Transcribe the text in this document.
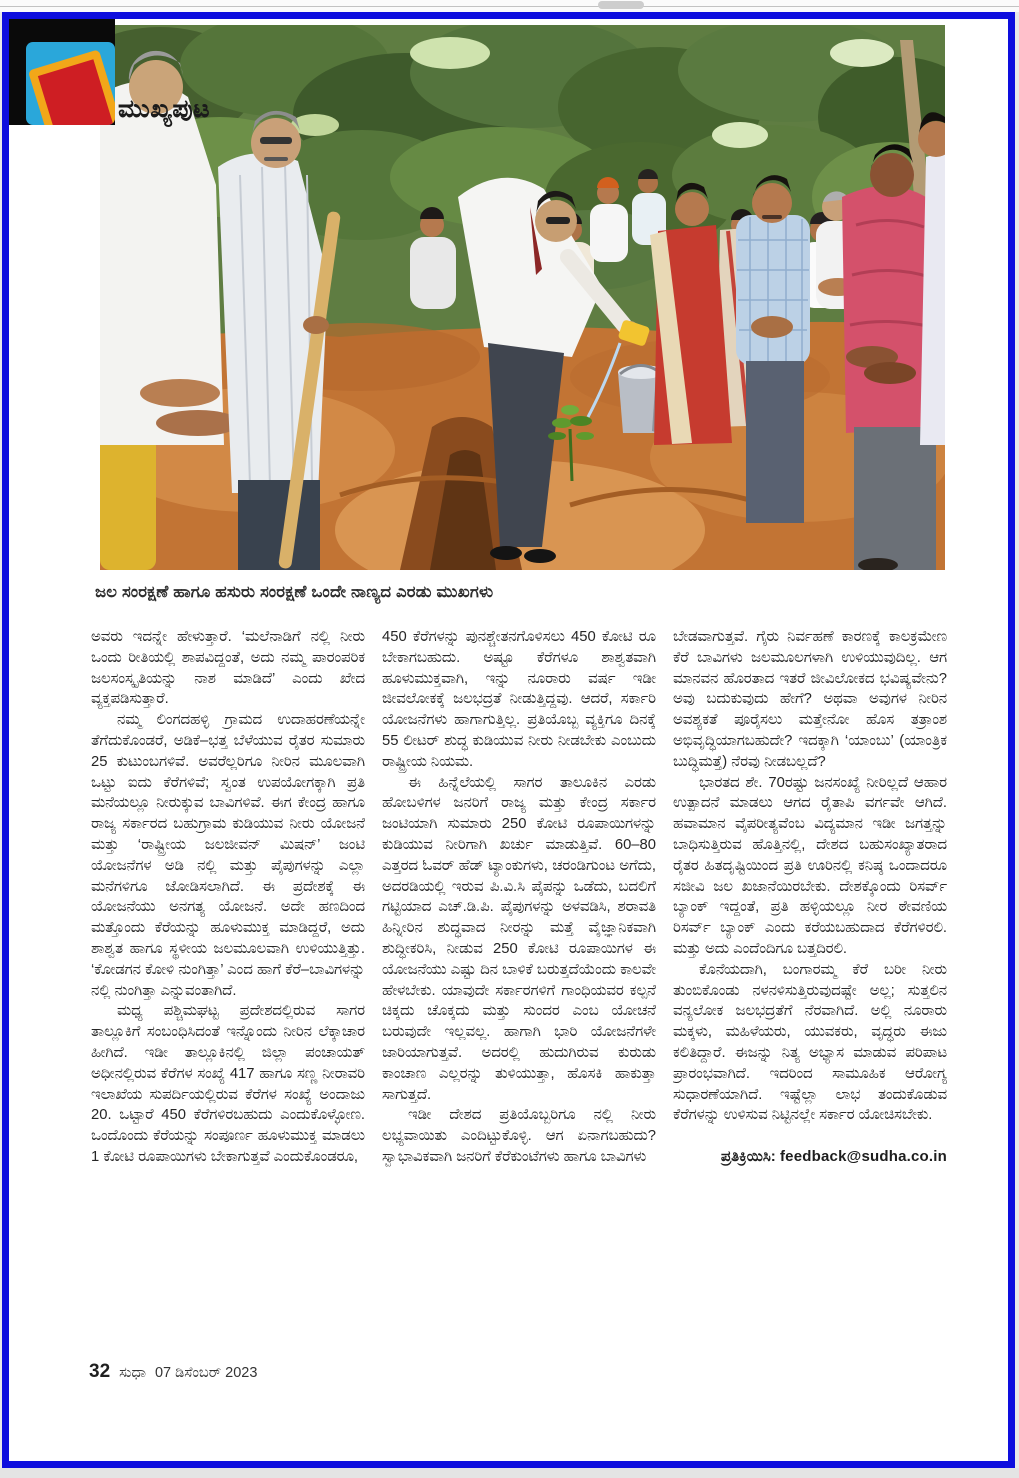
ಮುಖ್ಯಪುಟ
ಜಲ ಸಂರಕ್ಷಣೆ ಹಾಗೂ ಹಸುರು ಸಂರಕ್ಷಣೆ ಒಂದೇ ನಾಣ್ಯದ ಎರಡು ಮುಖಗಳು

ಅವರು ಇದನ್ನೇ ಹೇಳುತ್ತಾರೆ. ‘ಮಲೆನಾಡಿಗೆ ನಲ್ಲಿ ನೀರು ಒಂದು ರೀತಿಯಲ್ಲಿ ಶಾಪವಿದ್ದಂತೆ, ಅದು ನಮ್ಮ ಪಾರಂಪರಿಕ ಜಲಸಂಸ್ಕೃತಿಯನ್ನು ನಾಶ ಮಾಡಿದೆ’ ಎಂದು ಖೇದ ವ್ಯಕ್ತಪಡಿಸುತ್ತಾರೆ.

ನಮ್ಮ ಲಿಂಗದಹಳ್ಳಿ ಗ್ರಾಮದ ಉದಾಹರಣೆಯನ್ನೇ ತೆಗೆದುಕೊಂಡರೆ, ಅಡಿಕೆ–ಭತ್ತ ಬೆಳೆಯುವ ರೈತರ ಸುಮಾರು 25 ಕುಟುಂಬಗಳಿವೆ. ಅವರೆಲ್ಲರಿಗೂ ನೀರಿನ ಮೂಲವಾಗಿ ಒಟ್ಟು ಐದು ಕೆರೆಗಳಿವೆ; ಸ್ವಂತ ಉಪಯೋಗಕ್ಕಾಗಿ ಪ್ರತಿ ಮನೆಯಲ್ಲೂ ನೀರುಕ್ಕುವ ಬಾವಿಗಳಿವೆ. ಈಗ ಕೇಂದ್ರ ಹಾಗೂ ರಾಜ್ಯ ಸರ್ಕಾರದ ಬಹುಗ್ರಾಮ ಕುಡಿಯುವ ನೀರು ಯೋಜನೆ ಮತ್ತು ‘ರಾಷ್ಟ್ರೀಯ ಜಲಜೀವನ್ ಮಿಷನ್’ ಜಂಟಿ ಯೋಜನೆಗಳ ಅಡಿ ನಲ್ಲಿ ಮತ್ತು ಪೈಪುಗಳನ್ನು ಎಲ್ಲಾ ಮನೆಗಳಿಗೂ ಜೋಡಿಸಲಾಗಿದೆ. ಈ ಪ್ರದೇಶಕ್ಕೆ ಈ ಯೋಜನೆಯು ಅನಗತ್ಯ ಯೋಜನೆ. ಅದೇ ಹಣದಿಂದ ಮತ್ತೊಂದು ಕೆರೆಯನ್ನು ಹೂಳುಮುಕ್ತ ಮಾಡಿದ್ದರೆ, ಅದು ಶಾಶ್ವತ ಹಾಗೂ ಸ್ಥಳೀಯ ಜಲಮೂಲವಾಗಿ ಉಳಿಯುತ್ತಿತ್ತು. ‘ಕೋಡಗನ ಕೋಳಿ ನುಂಗಿತ್ತಾ’ ಎಂದ ಹಾಗೆ ಕೆರೆ–ಬಾವಿಗಳನ್ನು ನಲ್ಲಿ ನುಂಗಿತ್ತಾ ಎನ್ನುವಂತಾಗಿದೆ.

ಮಧ್ಯ ಪಶ್ಚಿಮಘಟ್ಟ ಪ್ರದೇಶದಲ್ಲಿರುವ ಸಾಗರ ತಾಲ್ಲೂಕಿಗೆ ಸಂಬಂಧಿಸಿದಂತೆ ಇನ್ನೊಂದು ನೀರಿನ ಲೆಕ್ಕಾಚಾರ ಹೀಗಿದೆ. ಇಡೀ ತಾಲ್ಲೂಕಿನಲ್ಲಿ ಜಿಲ್ಲಾ ಪಂಚಾಯತ್ ಅಧೀನಲ್ಲಿರುವ ಕೆರೆಗಳ ಸಂಖ್ಯೆ 417 ಹಾಗೂ ಸಣ್ಣ ನೀರಾವರಿ ಇಲಾಖೆಯ ಸುಪರ್ದಿಯಲ್ಲಿರುವ ಕೆರೆಗಳ ಸಂಖ್ಯೆ ಅಂದಾಜು 20. ಒಟ್ಟಾರೆ 450 ಕೆರೆಗಳಿರಬಹುದು ಎಂದುಕೊಳ್ಳೋಣ. ಒಂದೊಂದು ಕೆರೆಯನ್ನು ಸಂಪೂರ್ಣ ಹೂಳುಮುಕ್ತ ಮಾಡಲು 1 ಕೋಟಿ ರೂಪಾಯಿಗಳು ಬೇಕಾಗುತ್ತವೆ ಎಂದುಕೊಂಡರೂ,

450 ಕೆರೆಗಳನ್ನು ಪುನಶ್ಚೇತನಗೊಳಿಸಲು 450 ಕೋಟಿ ರೂ ಬೇಕಾಗಬಹುದು. ಅಷ್ಟೂ ಕೆರೆಗಳೂ ಶಾಶ್ವತವಾಗಿ ಹೂಳುಮುಕ್ತವಾಗಿ, ಇನ್ನು ನೂರಾರು ವರ್ಷ ಇಡೀ ಜೀವಲೋಕಕ್ಕೆ ಜಲಭದ್ರತೆ ನೀಡುತ್ತಿದ್ದವು. ಆದರೆ, ಸರ್ಕಾರಿ ಯೋಜನೆಗಳು ಹಾಗಾಗುತ್ತಿಲ್ಲ. ಪ್ರತಿಯೊಬ್ಬ ವ್ಯಕ್ತಿಗೂ ದಿನಕ್ಕೆ 55 ಲೀಟರ್ ಶುದ್ಧ ಕುಡಿಯುವ ನೀರು ನೀಡಬೇಕು ಎಂಬುದು ರಾಷ್ಟ್ರೀಯ ನಿಯಮ.

ಈ ಹಿನ್ನೆಲೆಯಲ್ಲಿ ಸಾಗರ ತಾಲೂಕಿನ ಎರಡು ಹೋಬಳಿಗಳ ಜನರಿಗೆ ರಾಜ್ಯ ಮತ್ತು ಕೇಂದ್ರ ಸರ್ಕಾರ ಜಂಟಿಯಾಗಿ ಸುಮಾರು 250 ಕೋಟಿ ರೂಪಾಯಿಗಳನ್ನು ಕುಡಿಯುವ ನೀರಿಗಾಗಿ ಖರ್ಚು ಮಾಡುತ್ತಿವೆ. 60–80 ಎತ್ತರದ ಓವರ್ ಹೆಡ್ ಟ್ಯಾಂಕುಗಳು, ಚರಂಡಿಗುಂಟ ಅಗೆದು, ಅದರಡಿಯಲ್ಲಿ ಇರುವ ಪಿ.ವಿ.ಸಿ ಪೈಪನ್ನು ಒಡೆದು, ಬದಲಿಗೆ ಗಟ್ಟಿಯಾದ ಎಚ್.ಡಿ.ಪಿ. ಪೈಪುಗಳನ್ನು ಅಳವಡಿಸಿ, ಶರಾವತಿ ಹಿನ್ನೀರಿನ ಶುದ್ಧವಾದ ನೀರನ್ನು ಮತ್ತೆ ವೈಜ್ಞಾನಿಕವಾಗಿ ಶುದ್ಧೀಕರಿಸಿ, ನೀಡುವ 250 ಕೋಟಿ ರೂಪಾಯಿಗಳ ಈ ಯೋಜನೆಯು ಎಷ್ಟು ದಿನ ಬಾಳಿಕೆ ಬರುತ್ತದೆಯೆಂದು ಕಾಲವೇ ಹೇಳಬೇಕು. ಯಾವುದೇ ಸರ್ಕಾರಗಳಿಗೆ ಗಾಂಧಿಯವರ ಕಲ್ಪನೆ ಚಿಕ್ಕದು ಚೊಕ್ಕದು ಮತ್ತು ಸುಂದರ ಎಂಬ ಯೋಚನೆ ಬರುವುದೇ ಇಲ್ಲವಲ್ಲ. ಹಾಗಾಗಿ ಭಾರಿ ಯೋಜನೆಗಳೇ ಜಾರಿಯಾಗುತ್ತವೆ. ಅದರಲ್ಲಿ ಹುದುಗಿರುವ ಕುರುಡು ಕಾಂಚಾಣ ಎಲ್ಲರನ್ನು ತುಳಿಯುತ್ತಾ, ಹೊಸಕಿ ಹಾಕುತ್ತಾ ಸಾಗುತ್ತದೆ.

ಇಡೀ ದೇಶದ ಪ್ರತಿಯೊಬ್ಬರಿಗೂ ನಲ್ಲಿ ನೀರು ಲಭ್ಯವಾಯಿತು ಎಂದಿಟ್ಟುಕೊಳ್ಳಿ. ಆಗ ಏನಾಗಬಹುದು? ಸ್ವಾಭಾವಿಕವಾಗಿ ಜನರಿಗೆ ಕೆರೆಕುಂಟೆಗಳು ಹಾಗೂ ಬಾವಿಗಳು

ಬೇಡವಾಗುತ್ತವೆ. ಗೈರು ನಿರ್ವಹಣೆ ಕಾರಣಕ್ಕೆ ಕಾಲಕ್ರಮೇಣ ಕೆರೆ ಬಾವಿಗಳು ಜಲಮೂಲಗಳಾಗಿ ಉಳಿಯುವುದಿಲ್ಲ. ಆಗ ಮಾನವನ ಹೊರತಾದ ಇತರೆ ಜೀವಿಲೋಕದ ಭವಿಷ್ಯವೇನು? ಅವು ಬದುಕುವುದು ಹೇಗೆ? ಅಥವಾ ಅವುಗಳ ನೀರಿನ ಅವಶ್ಯಕತೆ ಪೂರೈಸಲು ಮತ್ತೇನೋ ಹೊಸ ತತ್ರಾಂಶ ಅಭಿವೃದ್ಧಿಯಾಗಬಹುದೇ? ಇದಕ್ಕಾಗಿ ‘ಯಾಂಬು’ (ಯಾಂತ್ರಿಕ ಬುದ್ಧಿಮತ್ತೆ) ನೆರವು ನೀಡಬಲ್ಲದೆ?

ಭಾರತದ ಶೇ. 70ರಷ್ಟು ಜನಸಂಖ್ಯೆ ನೀರಿಲ್ಲದೆ ಆಹಾರ ಉತ್ಪಾದನೆ ಮಾಡಲು ಆಗದ ರೈತಾಪಿ ವರ್ಗವೇ ಆಗಿದೆ. ಹವಾಮಾನ ವೈಪರೀತ್ಯವೆಂಬ ವಿದ್ಯಮಾನ ಇಡೀ ಜಗತ್ತನ್ನು ಬಾಧಿಸುತ್ತಿರುವ ಹೊತ್ತಿನಲ್ಲಿ, ದೇಶದ ಬಹುಸಂಖ್ಯಾತರಾದ ರೈತರ ಹಿತದೃಷ್ಟಿಯಿಂದ ಪ್ರತಿ ಊರಿನಲ್ಲಿ ಕನಿಷ್ಠ ಒಂದಾದರೂ ಸಜೀವಿ ಜಲ ಖಜಾನೆಯಿರಬೇಕು. ದೇಶಕ್ಕೊಂದು ರಿಸರ್ವ್ ಬ್ಯಾಂಕ್ ಇದ್ದಂತೆ, ಪ್ರತಿ ಹಳ್ಳಿಯಲ್ಲೂ ನೀರ ಠೇವಣಿಯ ರಿಸರ್ವ್ ಬ್ಯಾಂಕ್ ಎಂದು ಕರೆಯಬಹುದಾದ ಕೆರೆಗಳಿರಲಿ. ಮತ್ತು ಅದು ಎಂದೆಂದಿಗೂ ಬತ್ತದಿರಲಿ.

ಕೊನೆಯದಾಗಿ, ಬಂಗಾರಮ್ಮ ಕೆರೆ ಬರೀ ನೀರು ತುಂಬಿಕೊಂಡು ನಳನಳಿಸುತ್ತಿರುವುದಷ್ಟೇ ಅಲ್ಲ; ಸುತ್ತಲಿನ ವನ್ಯಲೋಕ ಜಲಭದ್ರತೆಗೆ ನೆರವಾಗಿದೆ. ಅಲ್ಲಿ ನೂರಾರು ಮಕ್ಕಳು, ಮಹಿಳೆಯರು, ಯುವಕರು, ವೃದ್ಧರು ಈಜು ಕಲಿತಿದ್ದಾರೆ. ಈಜನ್ನು ನಿತ್ಯ ಅಭ್ಯಾಸ ಮಾಡುವ ಪರಿಪಾಟ ಪ್ರಾರಂಭವಾಗಿದೆ. ಇದರಿಂದ ಸಾಮೂಹಿಕ ಆರೋಗ್ಯ ಸುಧಾರಣೆಯಾಗಿದೆ. ಇಷ್ಟೆಲ್ಲಾ ಲಾಭ ತಂದುಕೊಡುವ ಕೆರೆಗಳನ್ನು ಉಳಿಸುವ ನಿಟ್ಟಿನಲ್ಲೇ ಸರ್ಕಾರ ಯೋಚಿಸಬೇಕು.

ಪ್ರತಿಕ್ರಿಯಿಸಿ: feedback@sudha.co.in
32 ಸುಧಾ 07 ಡಿಸೆಂಬರ್ 2023
